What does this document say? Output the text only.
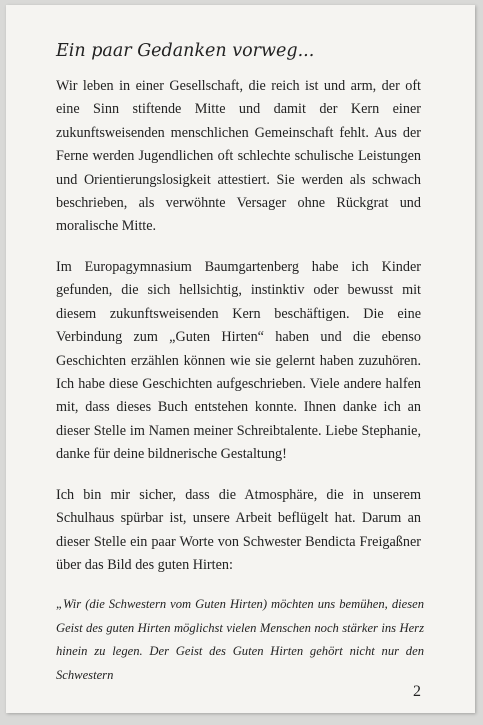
Ein paar Gedanken vorweg...

Wir leben in einer Gesellschaft, die reich ist und arm, der oft eine Sinn stiftende Mitte und damit der Kern einer zukunftsweisenden menschlichen Gemeinschaft fehlt. Aus der Ferne werden Jugendlichen oft schlechte schulische Leistungen und Orientierungslosigkeit attestiert. Sie werden als schwach beschrieben, als verwöhnte Versager ohne Rückgrat und moralische Mitte.

Im Europagymnasium Baumgartenberg habe ich Kinder gefunden, die sich hellsichtig, instinktiv oder bewusst mit diesem zukunftsweisenden Kern beschäftigen. Die eine Verbindung zum „Guten Hirten“ haben und die ebenso Geschichten erzählen können wie sie gelernt haben zuzuhören. Ich habe diese Geschichten aufgeschrieben. Viele andere halfen mit, dass dieses Buch entstehen konnte. Ihnen danke ich an dieser Stelle im Namen meiner Schreibtalente. Liebe Stephanie, danke für deine bildnerische Gestaltung!

Ich bin mir sicher, dass die Atmosphäre, die in unserem Schulhaus spürbar ist, unsere Arbeit beflügelt hat. Darum an dieser Stelle ein paar Worte von Schwester Bendicta Freigaßner über das Bild des guten Hirten:

„Wir (die Schwestern vom Guten Hirten) möchten uns bemühen, diesen Geist des guten Hirten möglichst vielen Menschen noch stärker ins Herz hinein zu legen. Der Geist des Guten Hirten gehört nicht nur den Schwestern

2
